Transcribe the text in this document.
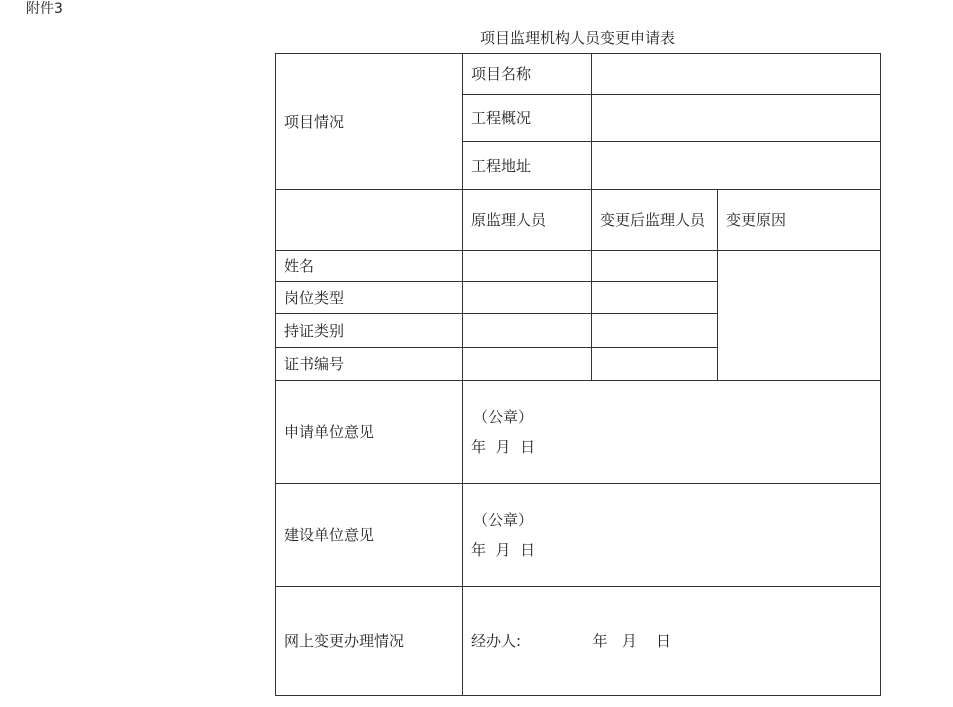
附件3
项目监理机构人员变更申请表
项目情况	项目名称		
	工程概况		
	工程地址		
	原监理人员	变更后监理人员	变更原因
姓名			
岗位类型			
持证类别			
证书编号			
申请单位意见	（公章）
年  月  日		

建设单位意见	（公章）
年  月  日		

网上变更办理情况	经办人: 年   月    日		
